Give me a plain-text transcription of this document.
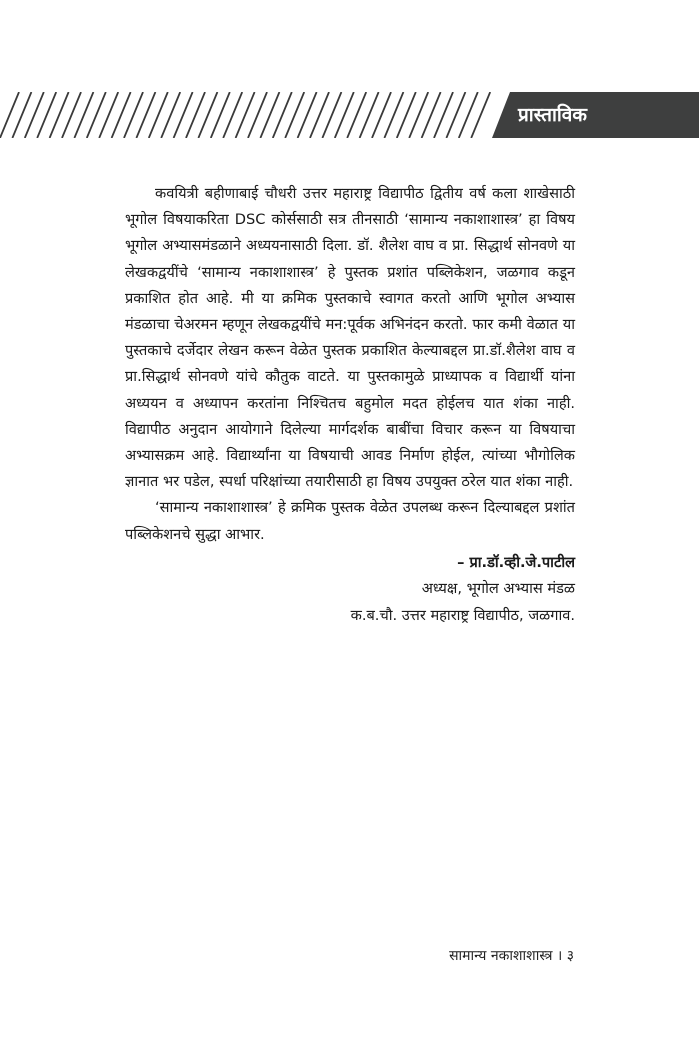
प्रास्ताविक

कवयित्री बहीणाबाई चौधरी उत्तर महाराष्ट्र विद्यापीठ द्वितीय वर्ष कला शाखेसाठी भूगोल विषयाकरिता DSC कोर्ससाठी सत्र तीनसाठी ‘सामान्य नकाशाशास्त्र’ हा विषय भूगोल अभ्यासमंडळाने अध्ययनासाठी दिला. डॉ. शैलेश वाघ व प्रा. सिद्धार्थ सोनवणे या लेखकद्वयींचे ‘सामान्य नकाशाशास्त्र’ हे पुस्तक प्रशांत पब्लिकेशन, जळगाव कडून प्रकाशित होत आहे. मी या क्रमिक पुस्तकाचे स्वागत करतो आणि भूगोल अभ्यास मंडळाचा चेअरमन म्हणून लेखकद्वयींचे मन:पूर्वक अभिनंदन करतो. फार कमी वेळात या पुस्तकाचे दर्जेदार लेखन करून वेळेत पुस्तक प्रकाशित केल्याबद्दल प्रा.डॉ.शैलेश वाघ व प्रा.सिद्धार्थ सोनवणे यांचे कौतुक वाटते. या पुस्तकामुळे प्राध्यापक व विद्यार्थी यांना अध्ययन व अध्यापन करतांना निश्चितच बहुमोल मदत होईलच यात शंका नाही. विद्यापीठ अनुदान आयोगाने दिलेल्या मार्गदर्शक बाबींचा विचार करून या विषयाचा अभ्यासक्रम आहे. विद्यार्थ्यांना या विषयाची आवड निर्माण होईल, त्यांच्या भौगोलिक ज्ञानात भर पडेल, स्पर्धा परिक्षांच्या तयारीसाठी हा विषय उपयुक्त ठरेल यात शंका नाही.

‘सामान्य नकाशाशास्त्र’ हे क्रमिक पुस्तक वेळेत उपलब्ध करून दिल्याबद्दल प्रशांत पब्लिकेशनचे सुद्धा आभार.

– प्रा.डॉ.व्ही.जे.पाटील
अध्यक्ष, भूगोल अभ्यास मंडळ
क.ब.चौ. उत्तर महाराष्ट्र विद्यापीठ, जळगाव.
सामान्य नकाशाशास्त्र । ३
